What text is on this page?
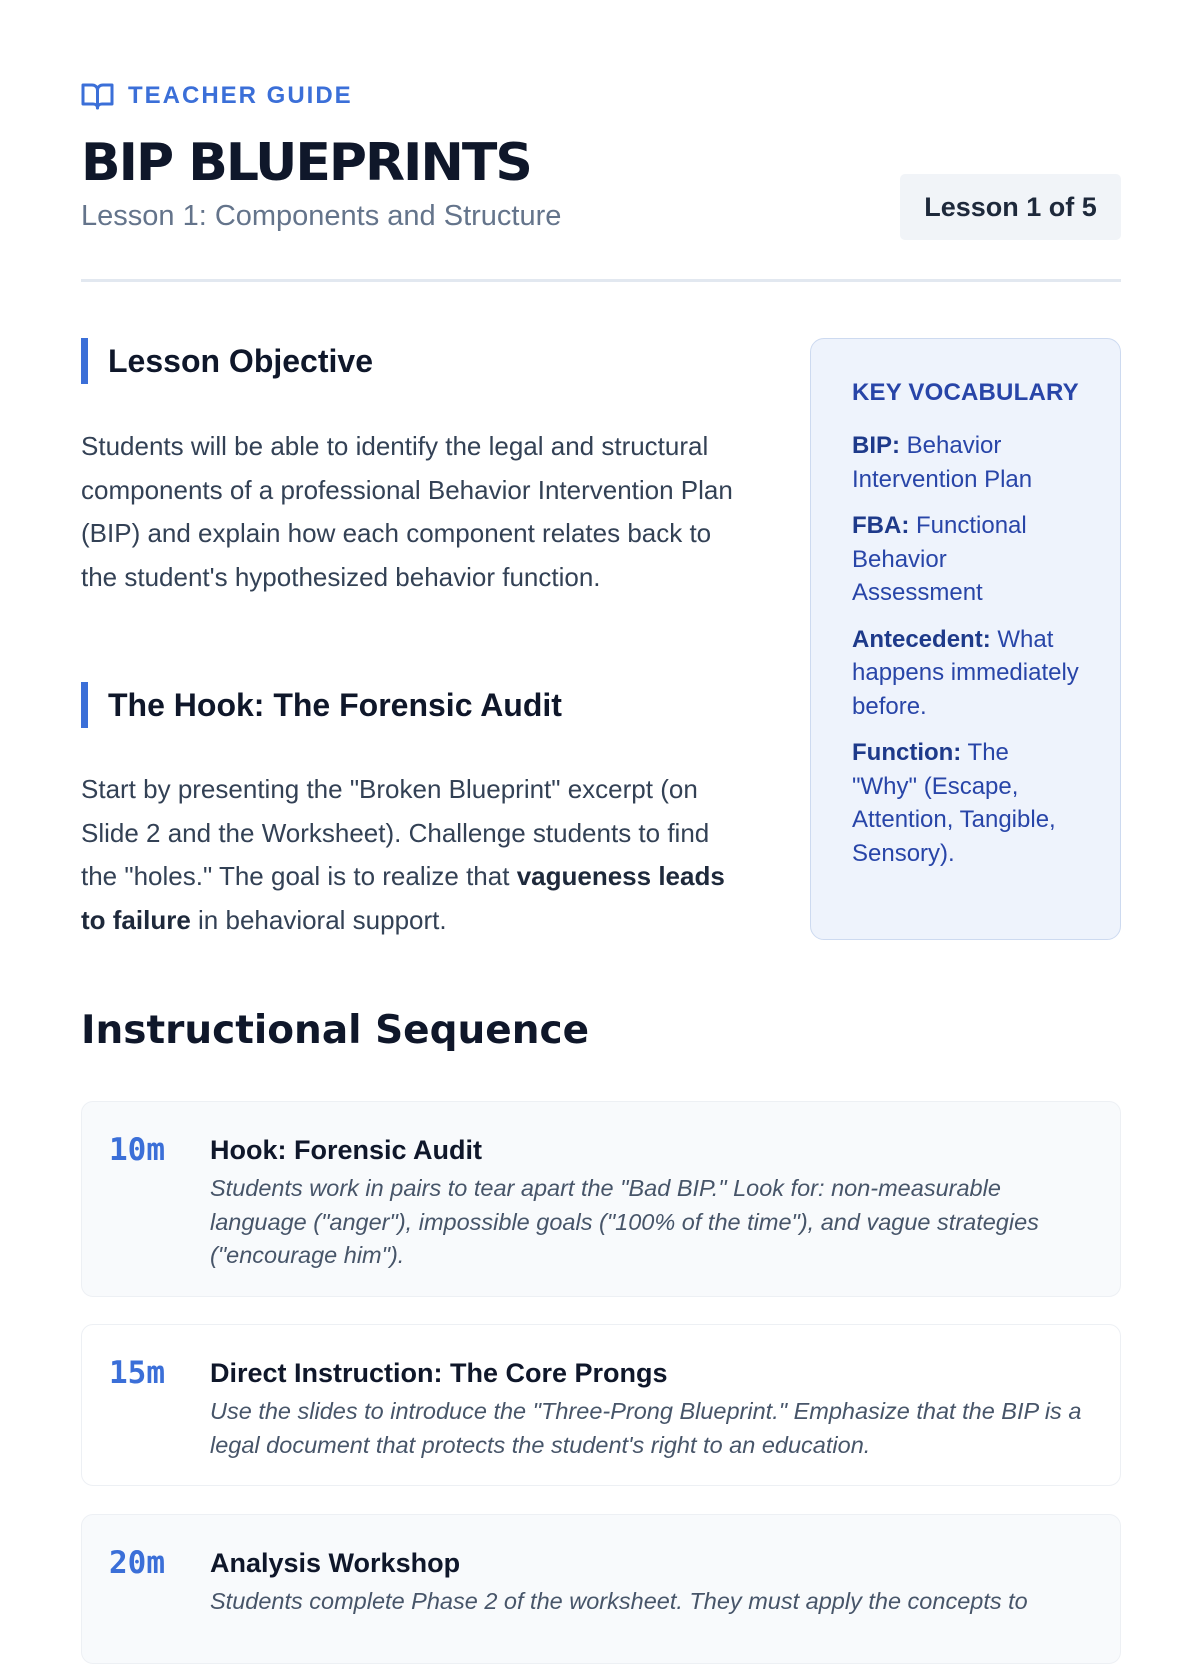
TEACHER GUIDE
BIP BLUEPRINTS
Lesson 1: Components and Structure	Lesson 1 of 5
Lesson Objective

Students will be able to identify the legal and structural components of a professional Behavior Intervention Plan (BIP) and explain how each component relates back to the student's hypothesized behavior function.

The Hook: The Forensic Audit

Start by presenting the "Broken Blueprint" excerpt (on Slide 2 and the Worksheet). Challenge students to find the "holes." The goal is to realize that vagueness leads to failure in behavioral support.

KEY VOCABULARY
BIP: Behavior Intervention Plan
FBA: Functional Behavior Assessment
Antecedent: What happens immediately before.
Function: The "Why" (Escape, Attention, Tangible, Sensory).
Instructional Sequence
10m Hook: Forensic Audit

Students work in pairs to tear apart the "Bad BIP." Look for: non-measurable language ("anger"), impossible goals ("100% of the time"), and vague strategies ("encourage him").

15m Direct Instruction: The Core Prongs

Use the slides to introduce the "Three-Prong Blueprint." Emphasize that the BIP is a legal document that protects the student's right to an education.

20m Analysis Workshop

Students complete Phase 2 of the worksheet. They must apply the concepts to
